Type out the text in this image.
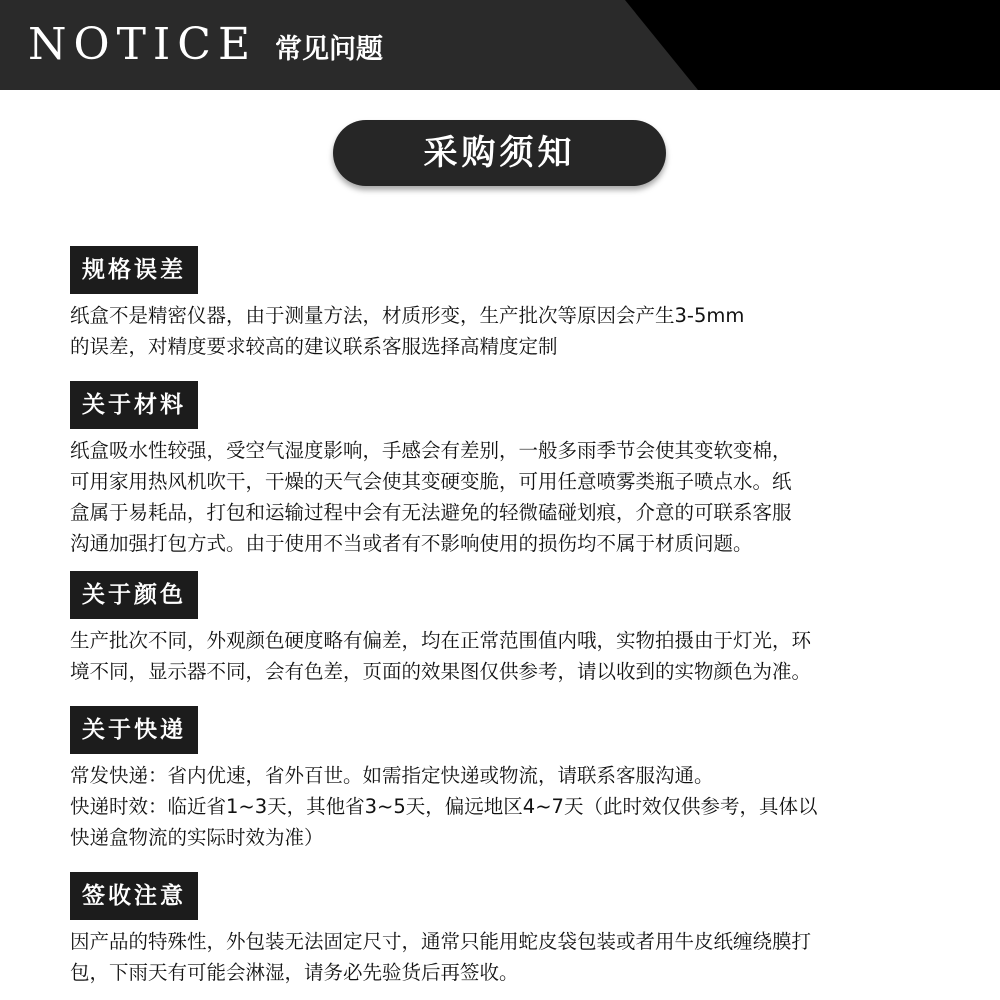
NOTICE 常见问题
采购须知
规格误差
纸盒不是精密仪器，由于测量方法，材质形变，生产批次等原因会产生3-5mm
的误差，对精度要求较高的建议联系客服选择高精度定制
关于材料
纸盒吸水性较强，受空气湿度影响，手感会有差别，一般多雨季节会使其变软变棉，
可用家用热风机吹干，干燥的天气会使其变硬变脆，可用任意喷雾类瓶子喷点水。纸
盒属于易耗品，打包和运输过程中会有无法避免的轻微磕碰划痕，介意的可联系客服
沟通加强打包方式。由于使用不当或者有不影响使用的损伤均不属于材质问题。
关于颜色
生产批次不同，外观颜色硬度略有偏差，均在正常范围值内哦，实物拍摄由于灯光，环
境不同，显示器不同，会有色差，页面的效果图仅供参考，请以收到的实物颜色为准。
关于快递
常发快递：省内优速，省外百世。如需指定快递或物流，请联系客服沟通。
快递时效：临近省1~3天，其他省3~5天，偏远地区4~7天（此时效仅供参考，具体以
快递盒物流的实际时效为准）
签收注意
因产品的特殊性，外包装无法固定尺寸，通常只能用蛇皮袋包装或者用牛皮纸缠绕膜打
包，下雨天有可能会淋湿，请务必先验货后再签收。
